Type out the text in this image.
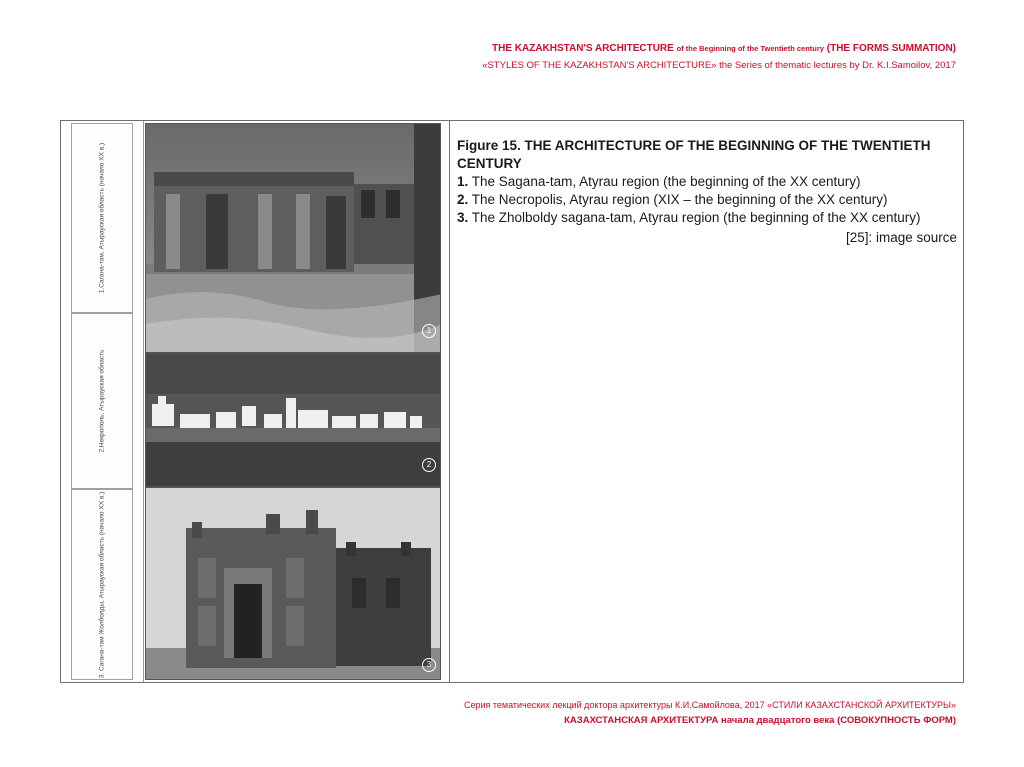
THE KAZAKHSTAN'S ARCHITECTURE of the Beginning of the Twentieth century (THE FORMS SUMMATION)
«STYLES OF THE KAZAKHSTAN'S ARCHITECTURE» the Series of thematic lectures by Dr. K.I.Samoilov, 2017
1.Сагана-там, Атырауская область (начало XX в.)
2.Некрополь, Атырауская область
3. Сагана-там Жолболды, Атырауская область (начало XX в.)
1
2
3
Figure 15. THE ARCHITECTURE OF THE BEGINNING OF THE TWENTIETH CENTURY
1. The Sagana-tam, Atyrau region (the beginning of the XX century)
2. The Necropolis, Atyrau region (XIX – the beginning of the XX century)
3. The Zholboldy sagana-tam, Atyrau region (the beginning of the XX century)
[25]: image source
Серия тематических лекций доктора архитектуры К.И.Самойлова, 2017 «СТИЛИ КАЗАХСТАНСКОЙ АРХИТЕКТУРЫ»
КАЗАХСТАНСКАЯ АРХИТЕКТУРА начала двадцатого века (СОВОКУПНОСТЬ ФОРМ)
